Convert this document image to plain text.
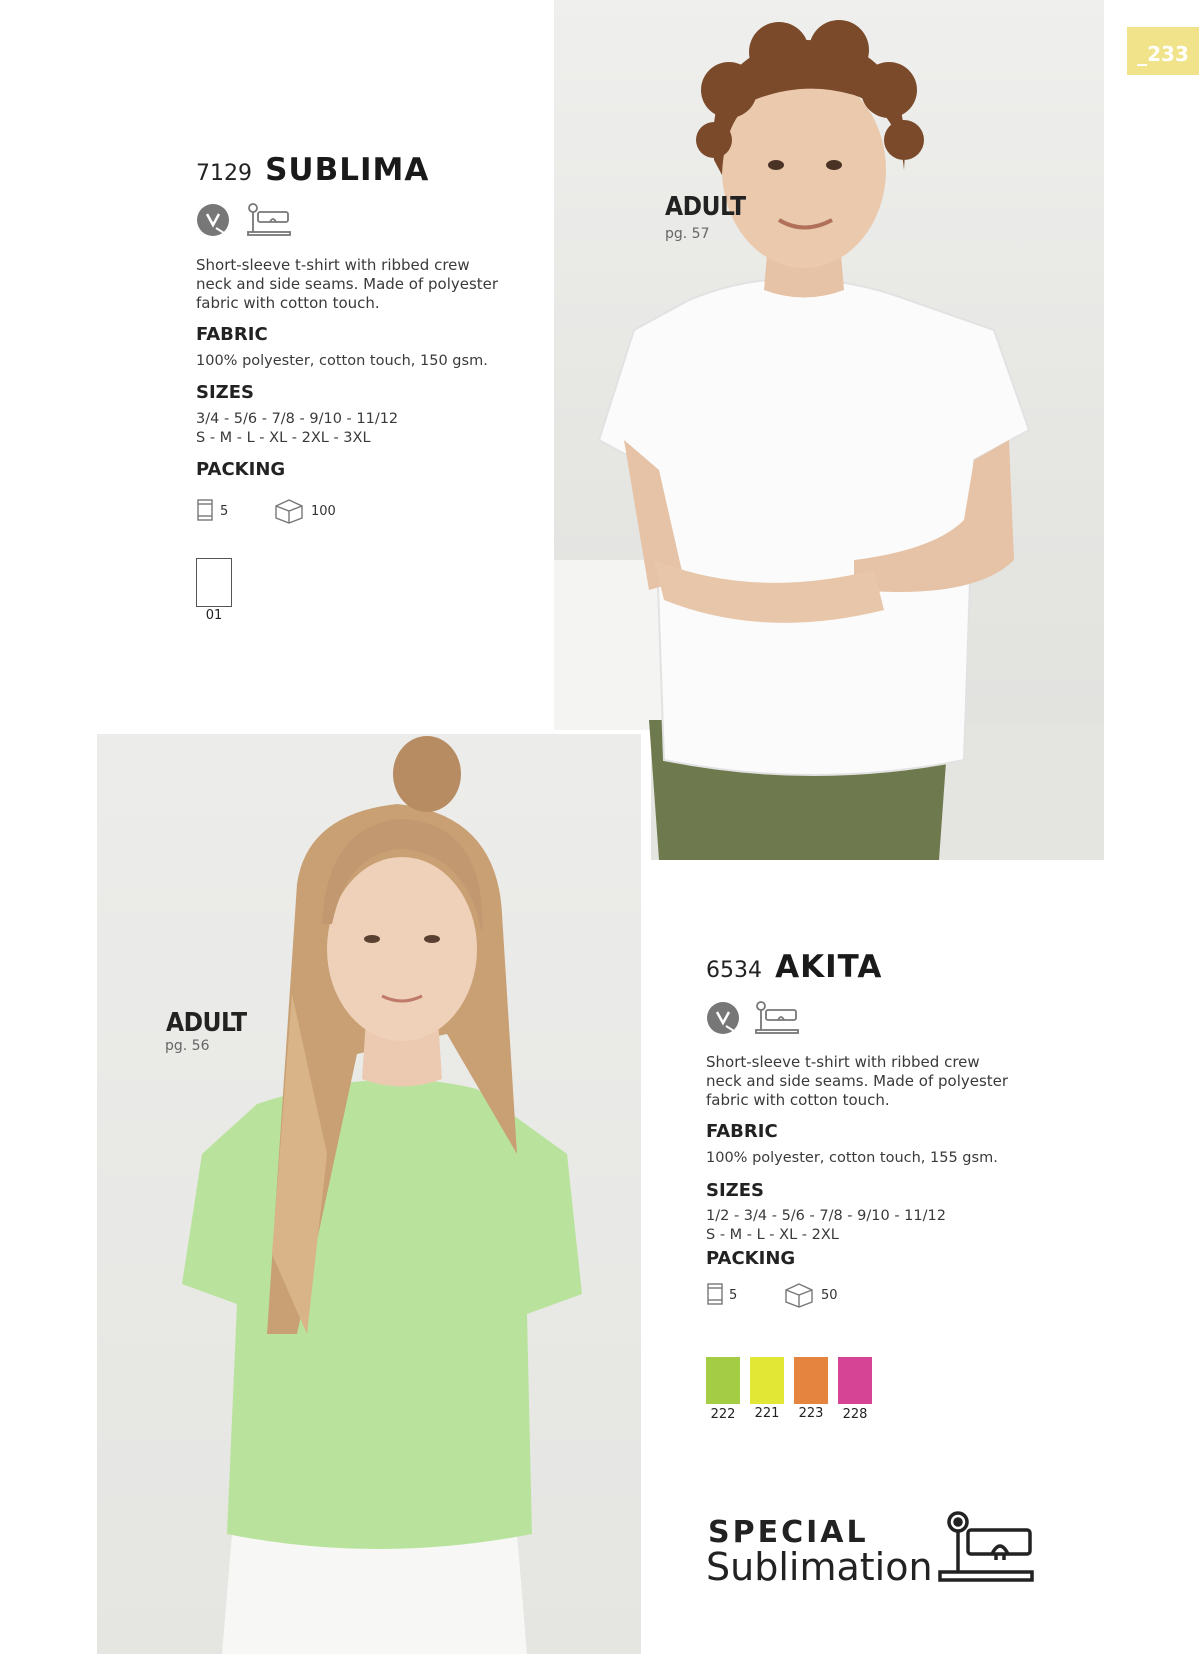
_233
ADULT
pg. 57
ADULT
pg. 56
7129 SUBLIMA
Short-sleeve t-shirt with ribbed crew neck and side seams. Made of polyester fabric with cotton touch.
FABRIC
100% polyester, cotton touch, 150 gsm.
SIZES
3/4 - 5/6 - 7/8 - 9/10 - 11/12
S - M - L - XL - 2XL - 3XL
PACKING
5	100
01
6534 AKITA
Short-sleeve t-shirt with ribbed crew neck and side seams. Made of polyester fabric with cotton touch.
FABRIC
100% polyester, cotton touch, 155 gsm.
SIZES
1/2 - 3/4 - 5/6 - 7/8 - 9/10 - 11/12
S - M - L - XL - 2XL
PACKING
5	50
222	221	223	228
SPECIAL
Sublimation
